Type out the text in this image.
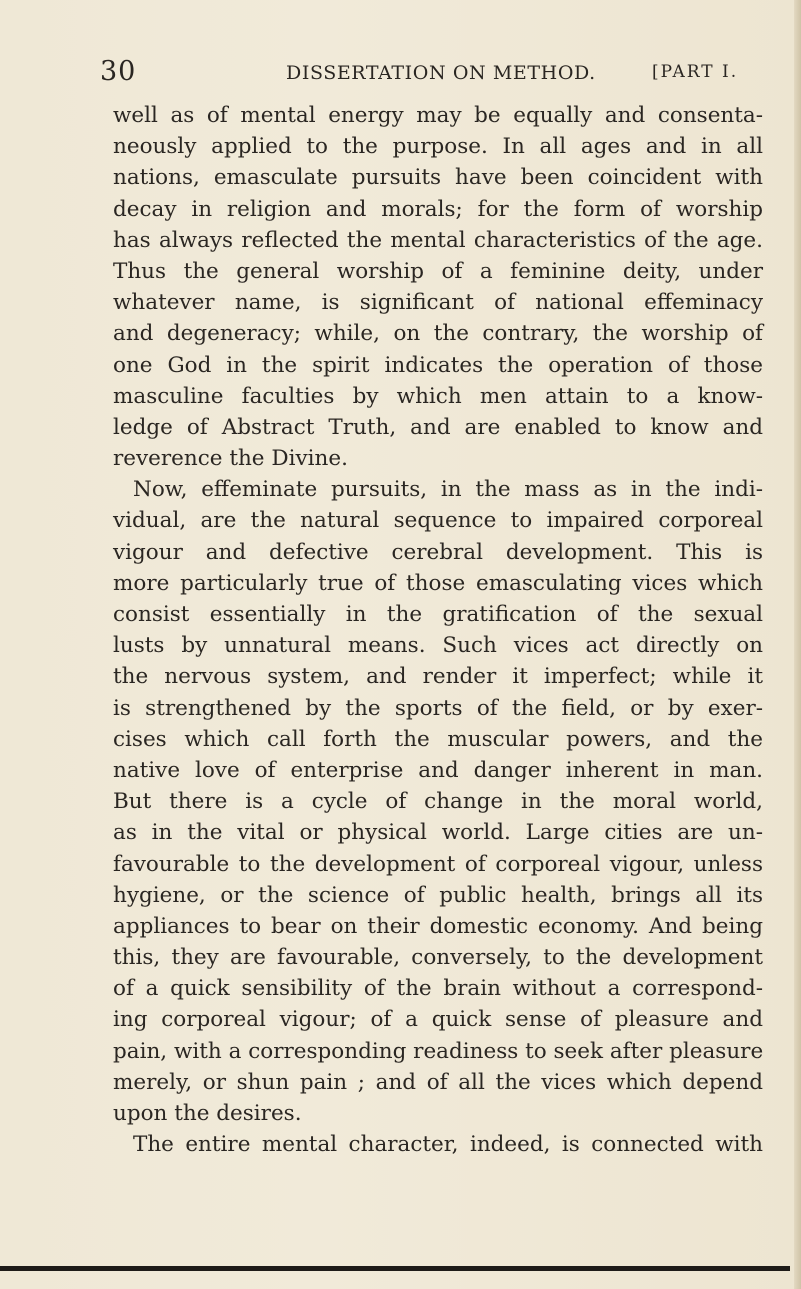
30	DISSERTATION ON METHOD.	[PART I.
well as of mental energy may be equally and consenta-
neously applied to the purpose. In all ages and in all
nations, emasculate pursuits have been coincident with
decay in religion and morals; for the form of worship
has always reflected the mental characteristics of the age.
Thus the general worship of a feminine deity, under
whatever name, is significant of national effeminacy
and degeneracy; while, on the contrary, the worship of
one God in the spirit indicates the operation of those
masculine faculties by which men attain to a know-
ledge of Abstract Truth, and are enabled to know and
reverence the Divine.
Now, effeminate pursuits, in the mass as in the indi-
vidual, are the natural sequence to impaired corporeal
vigour and defective cerebral development. This is
more particularly true of those emasculating vices which
consist essentially in the gratification of the sexual
lusts by unnatural means. Such vices act directly on
the nervous system, and render it imperfect; while it
is strengthened by the sports of the field, or by exer-
cises which call forth the muscular powers, and the
native love of enterprise and danger inherent in man.
But there is a cycle of change in the moral world,
as in the vital or physical world. Large cities are un-
favourable to the development of corporeal vigour, unless
hygiene, or the science of public health, brings all its
appliances to bear on their domestic economy. And being
this, they are favourable, conversely, to the development
of a quick sensibility of the brain without a correspond-
ing corporeal vigour; of a quick sense of pleasure and
pain, with a corresponding readiness to seek after pleasure
merely, or shun pain ; and of all the vices which depend
upon the desires.
The entire mental character, indeed, is connected with
